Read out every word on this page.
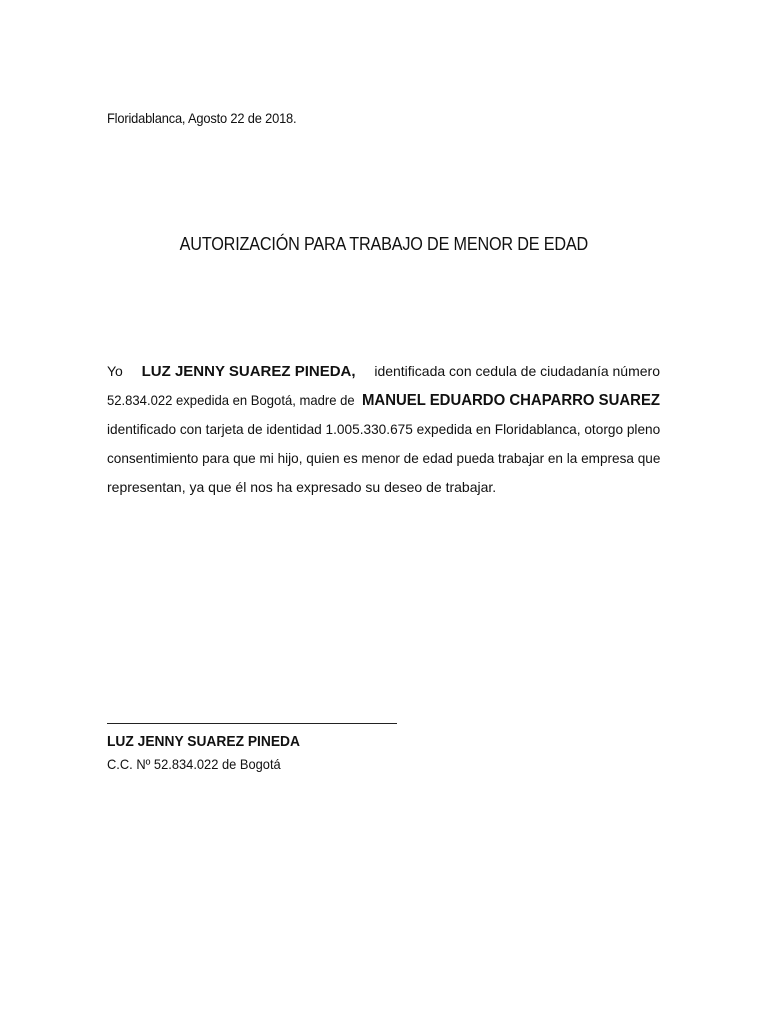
Floridablanca, Agosto 22 de 2018.
AUTORIZACIÓN PARA TRABAJO DE MENOR DE EDAD
Yo LUZ JENNY SUAREZ PINEDA, identificada con cedula de ciudadanía número
52.834.022 expedida en Bogotá, madre de MANUEL EDUARDO CHAPARRO SUAREZ
identificado con tarjeta de identidad 1.005.330.675 expedida en Floridablanca, otorgo pleno
consentimiento para que mi hijo, quien es menor de edad pueda trabajar en la empresa que
representan, ya que él nos ha expresado su deseo de trabajar.
LUZ JENNY SUAREZ PINEDA
C.C. Nº 52.834.022 de Bogotá
